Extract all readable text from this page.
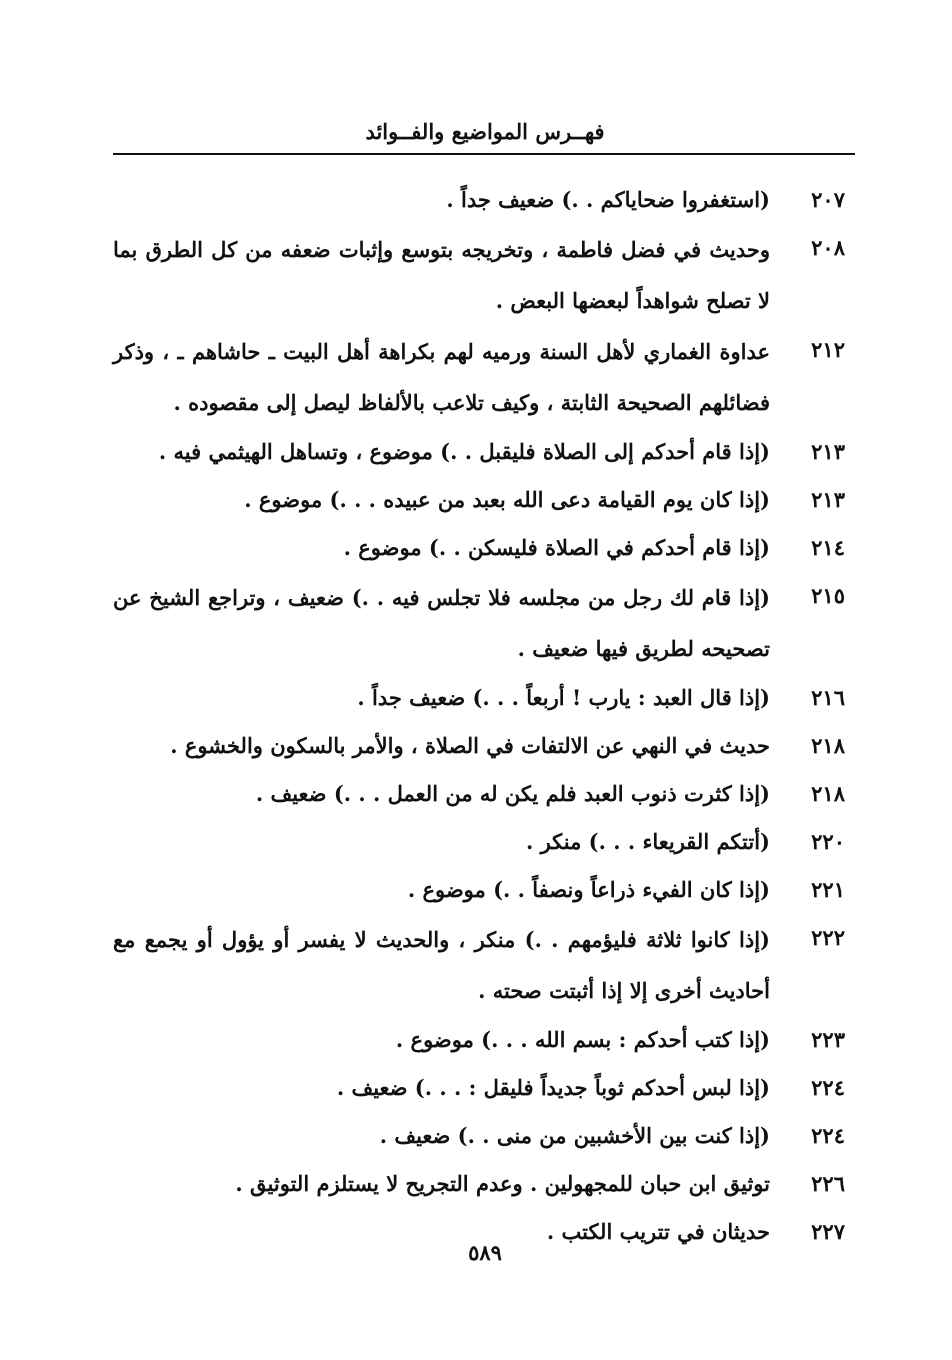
فهــرس المواضيع والفــوائد
٢٠٧
(استغفروا ضحاياكم . .) ضعيف جداً .
٢٠٨
وحديث في فضل فاطمة ، وتخريجه بتوسع وإثبات ضعفه من كل الطرق بما لا تصلح شواهداً لبعضها البعض .
٢١٢
عداوة الغماري لأهل السنة ورميه لهم بكراهة أهل البيت ـ حاشاهم ـ ، وذكر فضائلهم الصحيحة الثابتة ، وكيف تلاعب بالألفاظ ليصل إلى مقصوده .
٢١٣
(إذا قام أحدكم إلى الصلاة فليقبل . .) موضوع ، وتساهل الهيثمي فيه .
٢١٣
(إذا كان يوم القيامة دعى الله بعبد من عبيده . . .) موضوع .
٢١٤
(إذا قام أحدكم في الصلاة فليسكن . .) موضوع .
٢١٥
(إذا قام لك رجل من مجلسه فلا تجلس فيه . .) ضعيف ، وتراجع الشيخ عن تصحيحه لطريق فيها ضعيف .
٢١٦
(إذا قال العبد : يارب ! أربعاً . . .) ضعيف جداً .
٢١٨
حديث في النهي عن الالتفات في الصلاة ، والأمر بالسكون والخشوع .
٢١٨
(إذا كثرت ذنوب العبد فلم يكن له من العمل . . .) ضعيف .
٢٢٠
(أتتكم القريعاء . . .) منكر .
٢٢١
(إذا كان الفيء ذراعاً ونصفاً . .) موضوع .
٢٢٢
(إذا كانوا ثلاثة فليؤمهم . .) منكر ، والحديث لا يفسر أو يؤول أو يجمع مع أحاديث أخرى إلا إذا أثبتت صحته .
٢٢٣
(إذا كتب أحدكم : بسم الله . . .) موضوع .
٢٢٤
(إذا لبس أحدكم ثوباً جديداً فليقل : . . .) ضعيف .
٢٢٤
(إذا كنت بين الأخشبين من منى . .) ضعيف .
٢٢٦
توثيق ابن حبان للمجهولين . وعدم التجريح لا يستلزم التوثيق .
٢٢٧
حديثان في تتريب الكتب .
٥٨٩
